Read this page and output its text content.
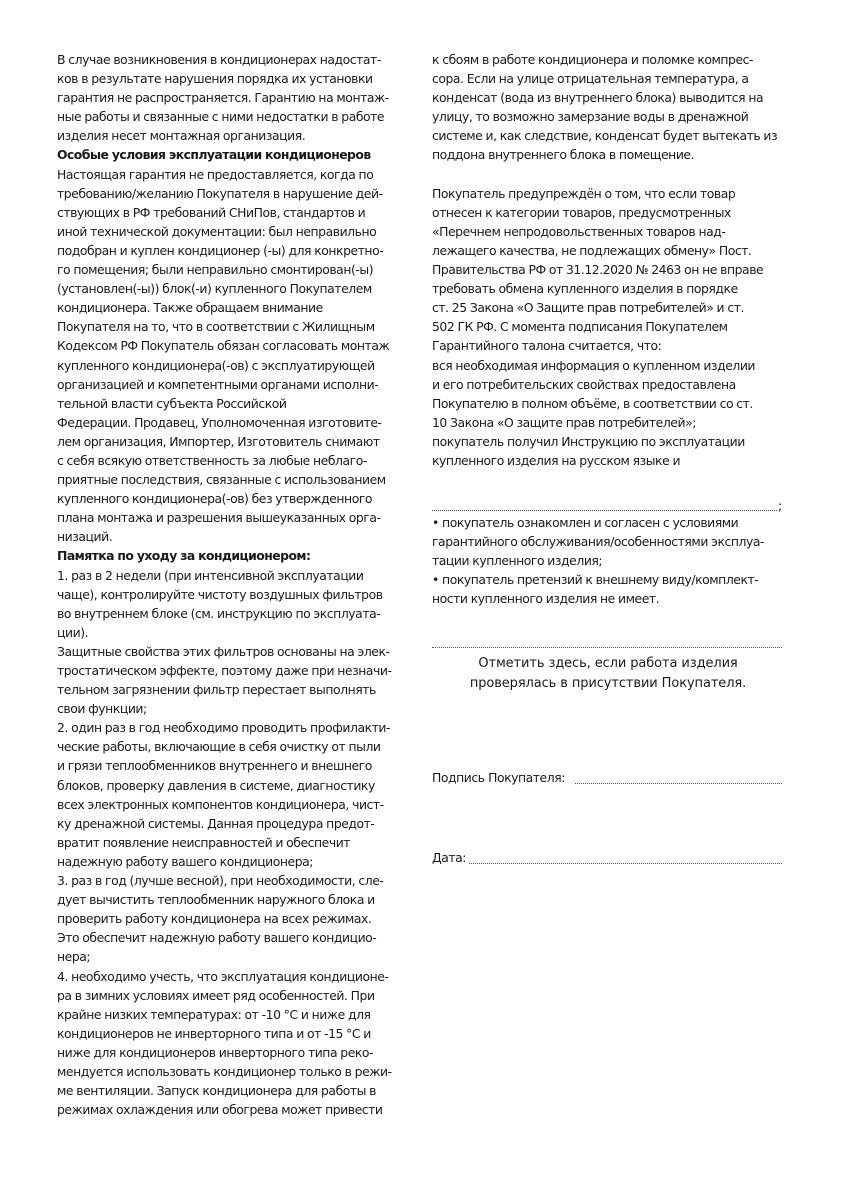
В случае возникновения в кондиционерах надостат-
ков в результате нарушения порядка их установки
гарантия не распространяется. Гарантию на монтаж-
ные работы и связанные с ними недостатки в работе
изделия несет монтажная организация.
Особые условия эксплуатации кондиционеров
Настоящая гарантия не предоставляется, когда по
требованию/желанию Покупателя в нарушение дей-
ствующих в РФ требований СНиПов, стандартов и
иной технической документации: был неправильно
подобран и куплен кондиционер (-ы) для конкретно-
го помещения; были неправильно смонтирован(-ы)
(установлен(-ы)) блок(-и) купленного Покупателем
кондиционера. Также обращаем внимание
Покупателя на то, что в соответствии с Жилищным
Кодексом РФ Покупатель обязан согласовать монтаж
купленного кондиционера(-ов) с эксплуатирующей
организацией и компетентными органами исполни-
тельной власти субъекта Российской
Федерации. Продавец, Уполномоченная изготовите-
лем организация, Импортер, Изготовитель снимают
с себя всякую ответственность за любые неблаго-
приятные последствия, связанные с использованием
купленного кондиционера(-ов) без утвержденного
плана монтажа и разрешения вышеуказанных орга-
низаций.
Памятка по уходу за кондиционером:
1. раз в 2 недели (при интенсивной эксплуатации
чаще), контролируйте чистоту воздушных фильтров
во внутреннем блоке (см. инструкцию по эксплуата-
ции).
Защитные свойства этих фильтров основаны на элек-
тростатическом эффекте, поэтому даже при незначи-
тельном загрязнении фильтр перестает выполнять
свои функции;
2. один раз в год необходимо проводить профилакти-
ческие работы, включающие в себя очистку от пыли
и грязи теплообменников внутреннего и внешнего
блоков, проверку давления в системе, диагностику
всех электронных компонентов кондиционера, чист-
ку дренажной системы. Данная процедура предот-
вратит появление неисправностей и обеспечит
надежную работу вашего кондиционера;
3. раз в год (лучше весной), при необходимости, сле-
дует вычистить теплообменник наружного блока и
проверить работу кондиционера на всех режимах.
Это обеспечит надежную работу вашего кондицио-
нера;
4. необходимо учесть, что эксплуатация кондиционе-
ра в зимних условиях имеет ряд особенностей. При
крайне низких температурах: от -10 °С и ниже для
кондиционеров не инверторного типа и от -15 °С и
ниже для кондиционеров инверторного типа реко-
мендуется использовать кондиционер только в режи-
ме вентиляции. Запуск кондиционера для работы в
режимах охлаждения или обогрева может привести
к сбоям в работе кондиционера и поломке компрес-
сора. Если на улице отрицательная температура, а
конденсат (вода из внутреннего блока) выводится на
улицу, то возможно замерзание воды в дренажной
системе и, как следствие, конденсат будет вытекать из
поддона внутреннего блока в помещение.
Покупатель предупреждён о том, что если товар
отнесен к категории товаров, предусмотренных
«Перечнем непродовольственных товаров над-
лежащего качества, не подлежащих обмену» Пост.
Правительства РФ от 31.12.2020 № 2463 он не вправе
требовать обмена купленного изделия в порядке
ст. 25 Закона «О Защите прав потребителей» и ст.
502 ГК РФ. С момента подписания Покупателем
Гарантийного талона считается, что:
вся необходимая информация о купленном изделии
и его потребительских свойствах предоставлена
Покупателю в полном объёме, в соответствии со ст.
10 Закона «О защите прав потребителей»;
покупатель получил Инструкцию по эксплуатации
купленного изделия на русском языке и
;
• покупатель ознакомлен и согласен с условиями
гарантийного обслуживания/особенностями эксплуа-
тации купленного изделия;
• покупатель претензий к внешнему виду/комплект-
ности купленного изделия не имеет.
Отметить здесь, если работа изделия
проверялась в присутствии Покупателя.
Подпись Покупателя:
Дата:
